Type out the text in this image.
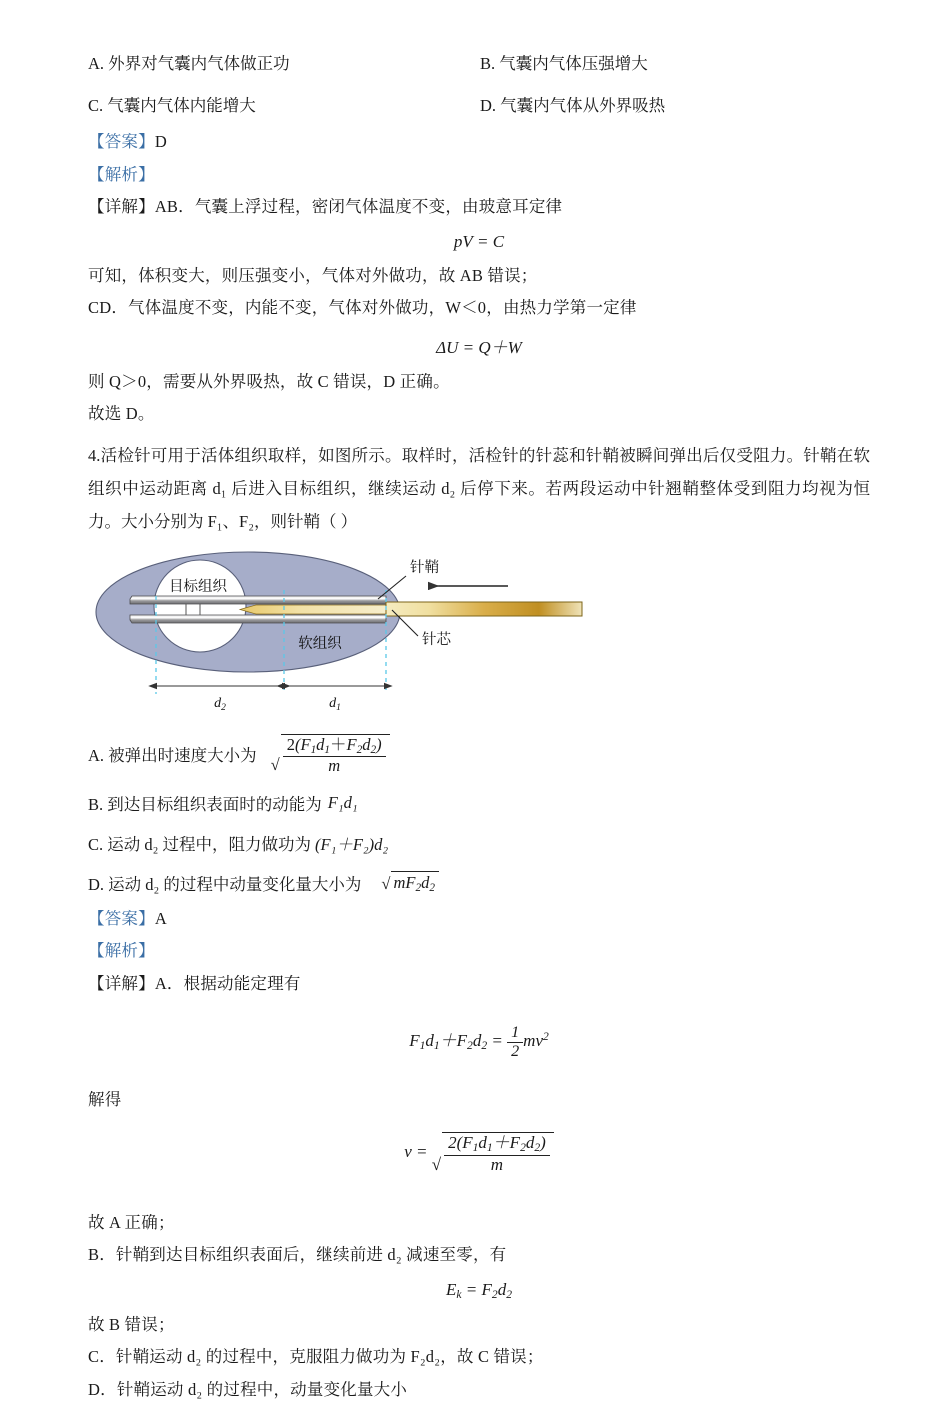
A. 外界对气囊内气体做正功	B. 气囊内气体压强增大
C. 气囊内气体内能增大	D. 气囊内气体从外界吸热
【答案】D
【解析】
【详解】AB．气囊上浮过程，密闭气体温度不变，由玻意耳定律
pV = C
可知，体积变大，则压强变小，气体对外做功，故 AB 错误；
CD．气体温度不变，内能不变，气体对外做功，W＜0，由热力学第一定律
ΔU = Q＋W
则 Q＞0，需要从外界吸热，故 C 错误，D 正确。
故选 D。
4.活检针可用于活体组织取样，如图所示。取样时，活检针的针蕊和针鞘被瞬间弹出后仅受阻力。针鞘在软组织中运动距离 d₁ 后进入目标组织，继续运动 d₂ 后停下来。若两段运动中针翘鞘整体受到阻力均视为恒力。大小分别为 F₁、F₂，则针鞘（ ）
目标组织
软组织
针鞘
针芯
$d_2$	$d_1$
A. 被弹出时速度大小为 √ $\frac{2(F_1d_1+F_2d_2)}{m}$
B. 到达目标组织表面时的动能为 F₁d₁
C. 运动 d₂ 过程中，阻力做功为 (F₁＋F₂)d₂
D. 运动 d₂ 的过程中动量变化量大小为 √ $mF_2d_2$
【答案】A
【解析】
【详解】A．根据动能定理有
$F_1d_1+F_2d_2 = \frac{1}{2} mv^2$
解得
v =
√ $\frac{2(F_1d_1+F_2d_2)}{m}$
故 A 正确；
B．针鞘到达目标组织表面后，继续前进 d₂ 减速至零，有
$E_k = F_2d_2$
故 B 错误；
C．针鞘运动 d₂ 的过程中，克服阻力做功为 F₂d₂，故 C 错误；
D．针鞘运动 d₂ 的过程中，动量变化量大小
